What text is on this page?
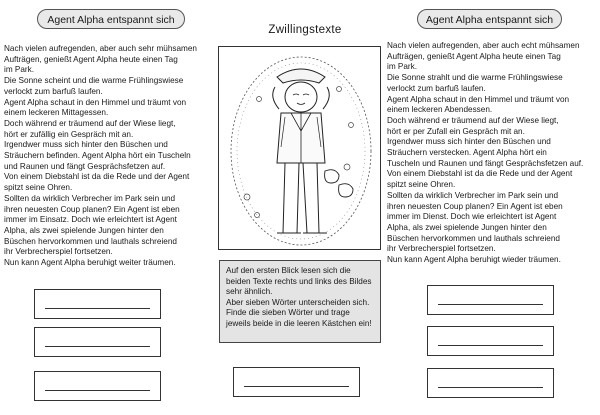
Agent Alpha entspannt sich	Agent Alpha entspannt sich

Nach vielen aufregenden, aber auch sehr mühsamen
Aufträgen, genießt Agent Alpha heute einen Tag
im Park.
Die Sonne scheint und die warme Frühlingswiese
verlockt zum barfuß laufen.
Agent Alpha schaut in den Himmel und träumt von
einem leckeren Mittagessen.
Doch während er träumend auf der Wiese liegt,
hört er zufällig ein Gespräch mit an.
Irgendwer muss sich hinter den Büschen und
Sträuchern befinden. Agent Alpha hört ein Tuscheln
und Raunen und fängt Gesprächsfetzen auf.
Von einem Diebstahl ist da die Rede und der Agent
spitzt seine Ohren.
Sollten da wirklich Verbrecher im Park sein und
ihren neuesten Coup planen? Ein Agent ist eben
immer im Einsatz. Doch wie erleichtert ist Agent
Alpha, als zwei spielende Jungen hinter den
Büschen hervorkommen und lauthals schreiend
ihr Verbrecherspiel fortsetzen.
Nun kann Agent Alpha beruhigt weiter träumen.

Zwillingstexte
Auf den ersten Blick lesen sich die beiden Texte rechts und links des Bildes sehr ähnlich.
Aber sieben Wörter unterscheiden sich. Finde die sieben Wörter und trage jeweils beide in die leeren Kästchen ein!

Nach vielen aufregenden, aber auch echt mühsamen
Aufträgen, genießt Agent Alpha heute einen Tag
im Park.
Die Sonne strahlt und die warme Frühlingswiese
verlockt zum barfuß laufen.
Agent Alpha schaut in den Himmel und träumt von
einem leckeren Abendessen.
Doch während er träumend auf der Wiese liegt,
hört er per Zufall ein Gespräch mit an.
Irgendwer muss sich hinter den Büschen und
Sträuchern verstecken. Agent Alpha hört ein
Tuscheln und Raunen und fängt Gesprächsfetzen auf.
Von einem Diebstahl ist da die Rede und der Agent
spitzt seine Ohren.
Sollten da wirklich Verbrecher im Park sein und
ihren neuesten Coup planen? Ein Agent ist eben
immer im Dienst. Doch wie erleichtert ist Agent
Alpha, als zwei spielende Jungen hinter den
Büschen hervorkommen und lauthals schreiend
ihr Verbrecherspiel fortsetzen.
Nun kann Agent Alpha beruhigt wieder träumen.
